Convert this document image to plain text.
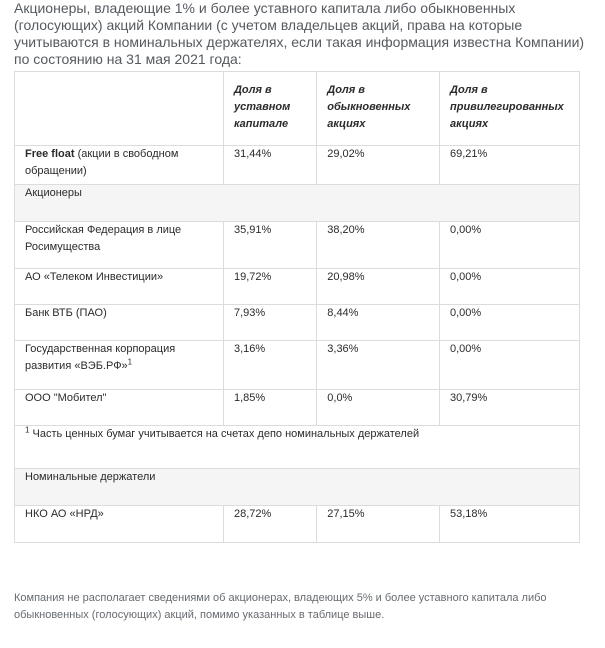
Акционеры, владеющие 1% и более уставного капитала либо обыкновенных (голосующих) акций Компании (с учетом владельцев акций, права на которые учитываются в номинальных держателях, если такая информация известна Компании) по состоянию на 31 мая 2021 года:

	Доля в уставном капитале	Доля в обыкновенных акциях	Доля в привилегированных акциях
Free float (акции в свободном обращении)	31,44%	29,02%	69,21%
Акционеры			
Российская Федерация в лице Росимущества	35,91%	38,20%	0,00%
АО «Телеком Инвестиции»	19,72%	20,98%	0,00%
Банк ВТБ (ПАО)	7,93%	8,44%	0,00%
Государственная корпорация развития «ВЭБ.РФ»$^1$	3,16%	3,36%	0,00%
ООО "Мобител"	1,85%	0,0%	30,79%
$^1$ Часть ценных бумаг учитывается на счетах депо номинальных держателей			
Номинальные держатели			
НКО АО «НРД»	28,72%	27,15%	53,18%

Компания не располагает сведениями об акционерах, владеющих 5% и более уставного капитала либо обыкновенных (голосующих) акций, помимо указанных в таблице выше.
